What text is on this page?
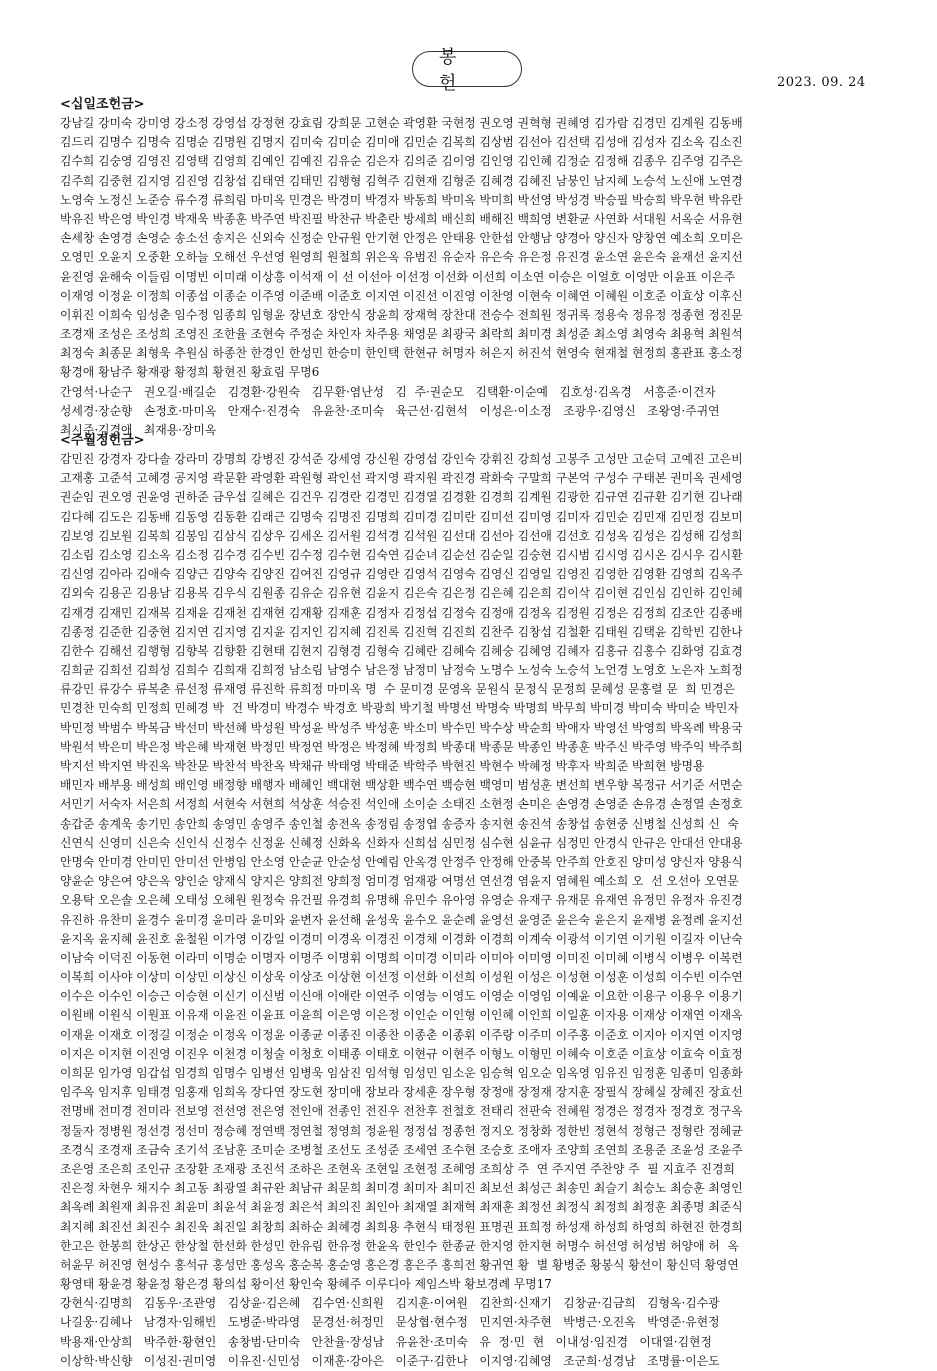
봉 헌	2023. 09. 24
<십일조헌금>
강남길 강미숙 강미영 강소정 강영섭 강정현 강효림 강희문 고현순 곽영환 국현정 권오영 권혁형 권혜영 김가람 김경민 김계원 김동배
김드리 김명수 김명숙 김명순 김명원 김명지 김미숙 김미순 김미애 김민순 김복희 김상범 김선아 김선택 김성애 김성자 김소옥 김소진
김수희 김숭영 김영진 김영택 김영희 김예인 김예진 김유순 김은자 김의준 김이영 김인영 김인혜 김정순 김정해 김종우 김주영 김주은
김주희 김중현 김지영 김진영 김창섭 김태연 김태민 김행형 김혁주 김현재 김형준 김혜경 김혜진 남붕인 남지혜 노승석 노신애 노연경
노영숙 노정신 노준승 류수경 류희림 마미옥 민경은 박경미 박경자 박동희 박미옥 박미희 박선영 박성경 박승필 박승희 박우현 박유란
박유진 박은영 박인경 박재욱 박종훈 박주연 박진필 박찬규 박춘란 방세희 배신희 배해진 백희영 변환균 사연화 서대원 서옥순 서유현
손세창 손영경 손영순 송소선 송지은 신외숙 신정순 안규원 안기현 안정은 안태용 안한섭 안행남 양경아 양신자 양창연 예소희 오미은
오영민 오윤지 오중환 오하늘 오해선 우선영 원영희 원철희 위은옥 유범진 유순자 유은숙 유은정 유진경 윤소연 윤은숙 윤재선 윤지선
윤진영 윤해숙 이들림 이명빈 이미래 이상흥 이석재 이 선 이선아 이선정 이선화 이선희 이소연 이승은 이얼호 이영만 이윤표 이은주
이재영 이정윤 이정희 이종섭 이종순 이주영 이준배 이준호 이지연 이진선 이진영 이찬영 이현숙 이혜연 이혜원 이호준 이효상 이후신
이휘진 이희숙 임성춘 임수정 임종희 임형윤 장년호 장안식 장윤희 장재혁 장찬대 전승수 전희원 정귀록 정용숙 정유정 정종현 정진문
조경재 조성은 조성희 조영진 조한율 조현숙 주정순 차인자 차주용 채영문 최광국 최락희 최미경 최성준 최소영 최영숙 최용혁 최원석
최정숙 최종문 최형욱 추원심 하종찬 한경인 한성민 한승미 한인택 한현규 허명자 허은지 허진석 현영숙 현재철 현정희 홍관표 홍소정
황경애 황남주 황재광 황정희 황현진 황효림 무명6
간영석·나순구   권오길·배길순   김경환·강원숙   김무환·염난성   김  주·권순모   김택환·이순예   김호성·김옥경   서흥준·이건자
성세경·장순향   손정호·마미옥   안재수·진경숙   유윤찬·조미숙   육근선·김현석   이성은·이소정   조광우·김영신   조왕영·주귀연
최시준·김경애   최재용·장미옥
<주월정헌금>
감민진 강경자 강다솔 강라미 강명희 강병진 강석준 강세영 강신원 강영섭 강인숙 강휘진 강희성 고봉주 고성만 고순덕 고예진 고은비
고재홍 고준석 고혜경 공지영 곽문환 곽영환 곽원형 곽인선 곽지영 곽지원 곽진경 곽화숙 구말희 구본억 구성수 구태본 권미옥 권세영
권순임 권오영 권윤영 권하준 금우섭 길혜은 김건우 김경란 김경민 김경열 김경환 김경희 김계원 김광한 김규연 김규환 김기현 김나래
김다혜 김도은 김동배 김동영 김동환 김래근 김명숙 김명진 김명희 김미경 김미란 김미선 김미영 김미자 김민순 김민재 김민정 김보미
김보영 김보원 김복희 김봉임 김삼식 김상우 김세온 김서원 김석경 김석원 김선대 김선아 김선애 김선호 김성옥 김성은 김성해 김성희
김소림 김소영 김소옥 김소정 김수경 김수빈 김수정 김수현 김숙연 김순녀 김순선 김순일 김숭현 김시범 김시영 김시온 김시우 김시환
김신영 김아라 김애숙 김양근 김양숙 김양진 김여진 김영규 김영란 김영석 김영숙 김영신 김영일 김영진 김영한 김영환 김영희 김옥주
김외숙 김용곤 김용남 김용복 김우식 김원종 김유순 김유현 김윤지 김은숙 김은정 김은혜 김은희 김이삭 김이현 김인심 김인하 김인혜
김재경 김재민 김재복 김재윤 김재천 김재현 김재황 김재훈 김정자 김정섭 김정숙 김정애 김정옥 김정원 김정은 김정희 김조안 김종배
김종정 김준한 김중현 김지연 김지영 김지윤 김지인 김지혜 김진록 김진혁 김진희 김찬주 김창섭 김철환 김태원 김택윤 김학빈 김한나
김한수 김해선 김행형 김향복 김향환 김현태 김현지 김형경 김형숙 김혜란 김혜숙 김혜숭 김혜영 김혜자 김홍규 김홍수 김화영 김효경
김희균 김희선 김희성 김희수 김희재 김희정 남소림 남영수 남은정 남정미 남정숙 노명수 노성숙 노승석 노언경 노영호 노은자 노희정
류강민 류강수 류복춘 류선정 류재영 류진학 류희정 마미옥 명  수 문미경 문영옥 문원식 문정식 문정희 문혜성 문홍렬 문  희 민경은
민경찬 민숙희 민정희 민혜경 박  건 박경미 박경수 박경호 박광희 박기철 박명선 박명숙 박명희 박무희 박미경 박미숙 박미순 박민자
박민정 박범수 박복금 박선미 박선혜 박성원 박성윤 박성주 박성훈 박소미 박수민 박수상 박순희 박애자 박영선 박영희 박옥례 박용국
박원석 박은미 박은정 박은혜 박재현 박정민 박정연 박정은 박정혜 박정희 박종대 박종문 박종인 박종훈 박주신 박주영 박주익 박주희
박지선 박지연 박진옥 박찬문 박찬석 박찬옥 박채규 박태영 박태준 박학주 박현진 박현수 박혜정 박후자 박희준 박희현 방명용
배민자 배부용 배성희 배인영 배정향 배행자 배혜인 백대현 백상환 백수연 백승현 백영미 범성훈 변선희 변우향 복정규 서기준 서면순
서민기 서숙자 서은희 서정희 서현숙 서현희 석상훈 석승진 석인애 소이순 소태진 소현정 손미은 손영경 손영준 손유경 손정열 손정호
송갑준 송계욱 송기민 송안희 송영민 송영주 송인철 송전옥 송정림 송정엽 송증자 송지현 송진석 송창섭 송현중 신병철 신성희 신  숙
신연식 신영미 신은숙 신인식 신정수 신정윤 신혜정 신화옥 신화자 신희섭 심민정 심수현 심윤규 심정민 안경식 안규은 안대선 안대용
안명숙 안미경 안미민 안미선 안병임 안소영 안순균 안순성 안예림 안옥경 안정주 안정해 안중복 안주희 안호진 양미성 양신자 양용식
양윤순 양은여 양은옥 양인순 양재식 양지은 양희전 양희정 엄미경 엄재광 여명선 연선경 염윤지 염혜원 예소희 오  선 오선아 오연문
오용탁 오은솔 오은혜 오태성 오혜원 원정숙 유건필 유경희 유명해 유민수 유아영 유영순 유재구 유재문 유재연 유정민 유정자 유진경
유진하 유찬미 윤경수 윤미경 윤미라 윤미와 윤변자 윤선해 윤성욱 윤수오 윤순례 윤영선 윤영준 윤은숙 윤은지 윤재병 윤정례 윤지선
윤지옥 윤지혜 윤진호 윤철원 이가영 이강일 이경미 이경옥 이경진 이경채 이경화 이경희 이계숙 이광석 이기연 이기원 이길자 이난숙
이남숙 이덕진 이동현 이라미 이명순 이명자 이명주 이명휘 이명희 이미경 이미라 이미아 이미영 이미진 이미혜 이병식 이병우 이복련
이복희 이사야 이상미 이상민 이상신 이상욱 이상조 이상현 이선정 이선화 이선희 이성원 이성은 이성현 이성훈 이성희 이수빈 이수연
이수은 이수인 이승근 이승현 이신기 이신범 이신애 이애란 이연주 이영능 이영도 이영순 이영임 이예윤 이요한 이용구 이용우 이용기
이원배 이원식 이원표 이유재 이윤진 이윤표 이윤희 이은영 이은정 이인순 이인형 이인혜 이인희 이일훈 이자용 이재상 이재연 이재옥
이재윤 이재호 이정길 이정순 이정옥 이정윤 이종균 이종진 이종찬 이종춘 이종휘 이주랑 이주미 이주홍 이준호 이지아 이지연 이지영
이지은 이지현 이진영 이진우 이천경 이청술 이청호 이태종 이태호 이현규 이현주 이형노 이형민 이혜숙 이호준 이효상 이효숙 이효정
이희문 임가영 임갑섭 임경희 임명수 임병선 임병욱 임삼진 임석형 임성민 임소운 임승혁 임오순 임옥영 임유진 임정훈 임종미 임종화
임주옥 임지후 임태경 임홍재 임희옥 장다연 장도현 장미애 장보라 장세훈 장우형 장정애 장정재 장지훈 장필식 장혜실 장혜진 장효선
전명배 전미경 전미라 전보영 전선영 전은영 전인애 전종인 전진우 전찬후 전철호 전태리 전판숙 전혜원 정경은 정경자 정경호 정구옥
정둘자 정병원 정선경 정선미 정승혜 정연백 정연철 정영희 정윤원 정정섭 정종헌 정지오 정창화 정한빈 정현석 정형근 정형란 정혜균
조경식 조경재 조금숙 조기석 조남훈 조미순 조병철 조선도 조성준 조세연 조수현 조승호 조애자 조양희 조연희 조용준 조윤성 조윤주
조은영 조은희 조인규 조장환 조재광 조진석 조하은 조현옥 조현일 조현정 조혜영 조희상 주  연 주지연 주찬양 주  필 지효주 진경희
진은정 차현우 채지수 최고동 최광열 최규완 최남규 최문희 최미경 최미자 최미진 최보선 최성근 최송민 최슬기 최승노 최승훈 최영인
최옥례 최원재 최유진 최윤미 최윤석 최윤정 최은석 최의진 최인아 최재열 최재혁 최재훈 최정선 최정식 최정희 최정훈 최종명 최준식
최지혜 최진선 최진수 최진욱 최진일 최창희 최하순 최혜경 최희용 추현식 태정원 표명권 표희정 하성재 하성희 하영희 하현진 한경희
한고은 한봉희 한상곤 한상철 한선화 한성민 한유림 한유정 한윤옥 한인수 한종균 한지영 한지현 허명수 허선영 허성범 허양애 허  옥
허윤무 허진영 현성수 홍석규 홍성만 홍성옥 홍순복 홍순영 홍은경 홍은주 홍희전 황귀연 황  별 황병준 황봉식 황선이 황신덕 황영연
황영태 황윤경 황윤정 황은경 황의섭 황이선 황인숙 황혜주 이루디아 제임스박 황보경례 무명17
강현식·김명희   김동우·조관영   김상윤·김은혜   김수연·신희원   김지훈·이여원   김찬희·신재기   김창균·김금희   김형옥·김수광
나길웅·김혜나   남경자·임해빈   도병준·박라영   문경선·허정민   문상협·현수정   민지연·차주현   박병근·오진옥   박영준·유현정
박용재·안상희   박주한·황현인   송창범·단미숙   안찬율·장성남   유윤찬·조미숙   유  정·민  현   이내성·임진경   이대열·김현정
이상학·박신향   이성진·권미영   이유진·신민성   이재훈·강아은   이준구·김한나   이지영·김혜영   조군희·성경남   조명률·이은도
